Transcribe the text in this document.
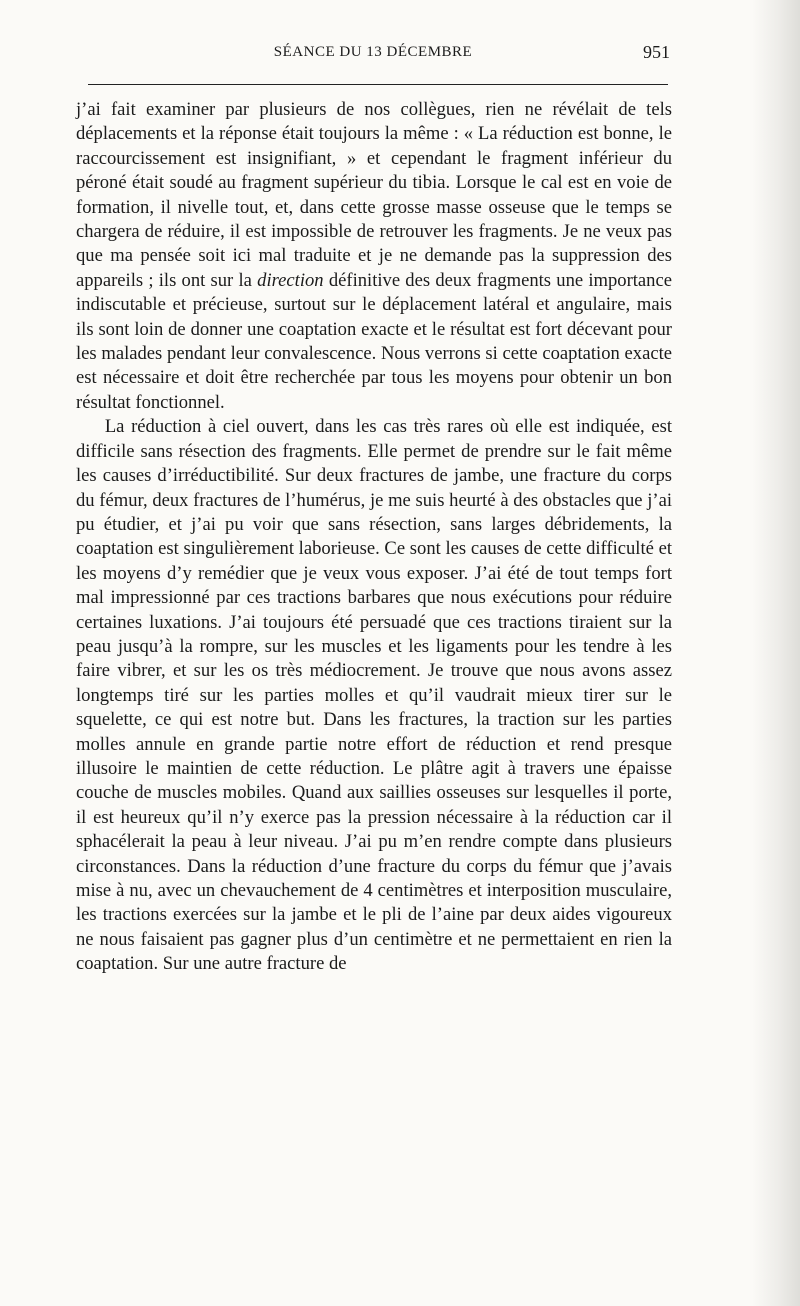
SÉANCE DU 13 DÉCEMBRE	951

j’ai fait examiner par plusieurs de nos collègues, rien ne révélait de tels déplacements et la réponse était toujours la même : « La réduction est bonne, le raccourcissement est insignifiant, » et cependant le fragment inférieur du péroné était soudé au fragment supérieur du tibia. Lorsque le cal est en voie de formation, il nivelle tout, et, dans cette grosse masse osseuse que le temps se chargera de réduire, il est impossible de retrouver les fragments. Je ne veux pas que ma pensée soit ici mal traduite et je ne demande pas la suppression des appareils ; ils ont sur la direction définitive des deux fragments une importance indiscutable et précieuse, surtout sur le déplacement latéral et angulaire, mais ils sont loin de donner une coaptation exacte et le résultat est fort décevant pour les malades pendant leur convalescence. Nous verrons si cette coaptation exacte est nécessaire et doit être recherchée par tous les moyens pour obtenir un bon résultat fonctionnel.

La réduction à ciel ouvert, dans les cas très rares où elle est indiquée, est difficile sans résection des fragments. Elle permet de prendre sur le fait même les causes d’irréductibilité. Sur deux fractures de jambe, une fracture du corps du fémur, deux fractures de l’humérus, je me suis heurté à des obstacles que j’ai pu étudier, et j’ai pu voir que sans résection, sans larges débridements, la coaptation est singulièrement laborieuse. Ce sont les causes de cette difficulté et les moyens d’y remédier que je veux vous exposer. J’ai été de tout temps fort mal impressionné par ces tractions barbares que nous exécutions pour réduire certaines luxations. J’ai toujours été persuadé que ces tractions tiraient sur la peau jusqu’à la rompre, sur les muscles et les ligaments pour les tendre à les faire vibrer, et sur les os très médiocrement. Je trouve que nous avons assez longtemps tiré sur les parties molles et qu’il vaudrait mieux tirer sur le squelette, ce qui est notre but. Dans les fractures, la traction sur les parties molles annule en grande partie notre effort de réduction et rend presque illusoire le maintien de cette réduction. Le plâtre agit à travers une épaisse couche de muscles mobiles. Quand aux saillies osseuses sur lesquelles il porte, il est heureux qu’il n’y exerce pas la pression nécessaire à la réduction car il sphacélerait la peau à leur niveau. J’ai pu m’en rendre compte dans plusieurs circonstances. Dans la réduction d’une fracture du corps du fémur que j’avais mise à nu, avec un chevauchement de 4 centimètres et interposition musculaire, les tractions exercées sur la jambe et le pli de l’aine par deux aides vigoureux ne nous faisaient pas gagner plus d’un centimètre et ne permettaient en rien la coaptation. Sur une autre fracture de
